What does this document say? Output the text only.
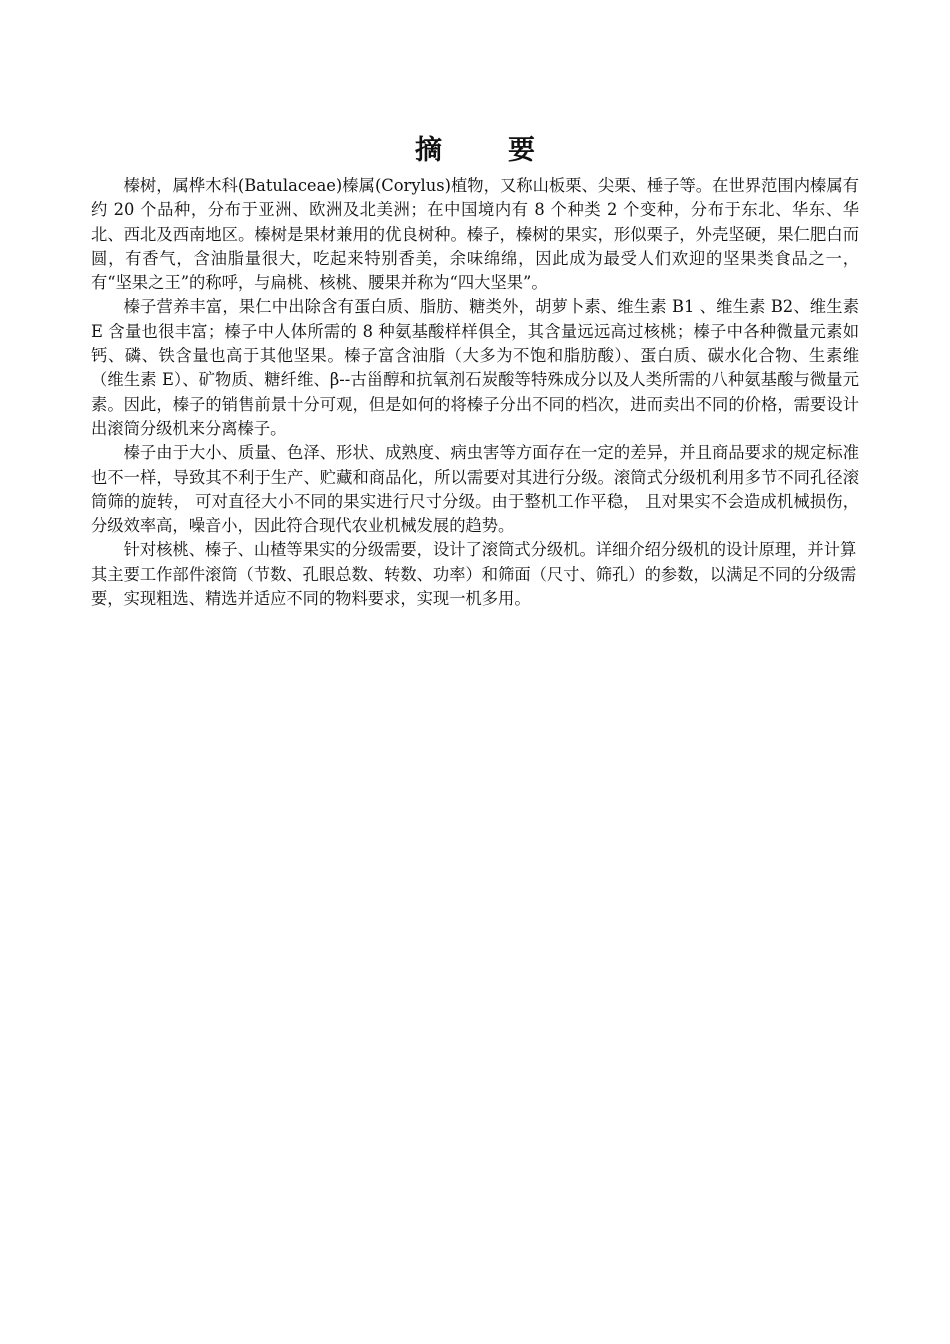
摘 要

榛树，属桦木科(Batulaceae)榛属(Corylus)植物，又称山板栗、尖栗、棰子等。在世界范围内榛属有约 20 个品种，分布于亚洲、欧洲及北美洲；在中国境内有 8 个种类 2 个变种，分布于东北、华东、华北、西北及西南地区。榛树是果材兼用的优良树种。榛子，榛树的果实，形似栗子，外壳坚硬，果仁肥白而圆，有香气，含油脂量很大，吃起来特别香美，余味绵绵，因此成为最受人们欢迎的坚果类食品之一，有“坚果之王”的称呼，与扁桃、核桃、腰果并称为“四大坚果”。

榛子营养丰富，果仁中出除含有蛋白质、脂肪、糖类外，胡萝卜素、维生素 B1 、维生素 B2、维生素 E 含量也很丰富；榛子中人体所需的 8 种氨基酸样样俱全，其含量远远高过核桃；榛子中各种微量元素如钙、磷、铁含量也高于其他坚果。榛子富含油脂（大多为不饱和脂肪酸）、蛋白质、碳水化合物、生素维（维生素 E）、矿物质、糖纤维、β--古甾醇和抗氧剂石炭酸等特殊成分以及人类所需的八种氨基酸与微量元素。因此，榛子的销售前景十分可观，但是如何的将榛子分出不同的档次，进而卖出不同的价格，需要设计出滚筒分级机来分离榛子。

榛子由于大小、质量、色泽、形状、成熟度、病虫害等方面存在一定的差异，并且商品要求的规定标准也不一样，导致其不利于生产、贮藏和商品化，所以需要对其进行分级。滚筒式分级机利用多节不同孔径滚筒筛的旋转， 可对直径大小不同的果实进行尺寸分级。由于整机工作平稳， 且对果实不会造成机械损伤，分级效率高，噪音小，因此符合现代农业机械发展的趋势。

针对核桃、榛子、山楂等果实的分级需要，设计了滚筒式分级机。详细介绍分级机的设计原理，并计算其主要工作部件滚筒（节数、孔眼总数、转数、功率）和筛面（尺寸、筛孔）的参数，以满足不同的分级需要，实现粗选、精选并适应不同的物料要求，实现一机多用。
